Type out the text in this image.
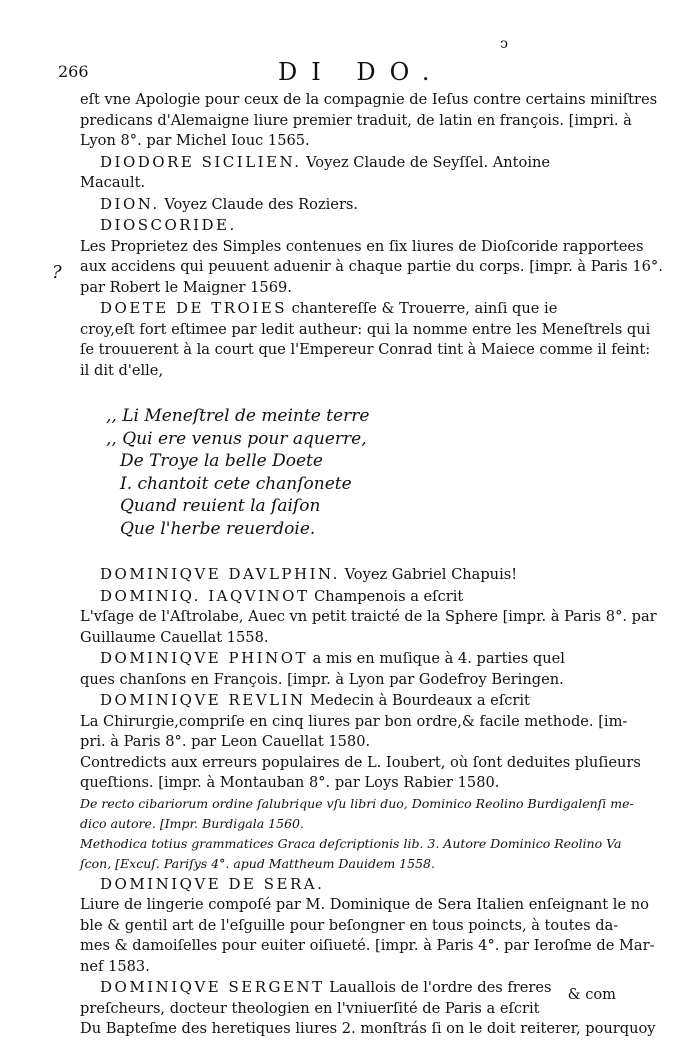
ↄ
266	DI DO.
?
eſt vne Apologie pour ceux de la compagnie de Ieſus contre certains miniſtres
predicans d'Alemaigne liure premier traduit, de latin en françois. [impri. à
Lyon 8°. par Michel Iouc 1565.
DIODORE SICILIEN. Voyez Claude de Seyſſel. Antoine
Macault.
DION. Voyez Claude des Roziers.
DIOSCORIDE.
Les Proprietez des Simples contenues en ſix liures de Dioſcoride rapportees
aux accidens qui peuuent aduenir à chaque partie du corps. [impr. à Paris 16°.
par Robert le Maigner 1569.
DOETE DE TROIES chantereſſe & Trouerre, ainſi que ie
croy,eſt fort eſtimee par ledit autheur: qui la nomme entre les Meneſtrels qui
ſe trouuerent à la court que l'Empereur Conrad tint à Maiece comme il feint:
il dit d'elle,
,, Li Meneſtrel de meinte terre
,, Qui ere venus pour aquerre,
De Troye la belle Doete
I. chantoit cete chanſonete
Quand reuient la ſaiſon
Que l'herbe reuerdoie.
DOMINIQVE DAVLPHIN. Voyez Gabriel Chapuis!
DOMINIQ. IAQVINOT Champenois a eſcrit
L'vſage de l'Aſtrolabe, Auec vn petit traicté de la Sphere [impr. à Paris 8°. par
Guillaume Cauellat 1558.
DOMINIQVE PHINOT a mis en muſique à 4. parties quel
ques chanſons en François. [impr. à Lyon par Godefroy Beringen.
DOMINIQVE REVLIN Medecin à Bourdeaux a eſcrit
La Chirurgie,compriſe en cinq liures par bon ordre,& facile methode. [im-
pri. à Paris 8°. par Leon Cauellat 1580.
Contredicts aux erreurs populaires de L. Ioubert, où ſont deduites pluſieurs
queſtions. [impr. à Montauban 8°. par Loys Rabier 1580.
De recto cibariorum ordine ſalubrique vſu libri duo, Dominico Reolino Burdigalenſi me-
dico autore. [Impr. Burdigala 1560.
Methodica totius grammatices Graca deſcriptionis lib. 3. Autore Dominico Reolino Va
ſcon, [Excuſ. Pariſys 4°. apud Mattheum Dauidem 1558.
DOMINIQVE DE SERA.
Liure de lingerie compoſé par M. Dominique de Sera Italien enſeignant le no
ble & gentil art de l'eſguille pour beſongner en tous poincts, à toutes da-
mes & damoiſelles pour euiter oiſiueté. [impr. à Paris 4°. par Ieroſme de Mar-
nef 1583.
DOMINIQVE SERGENT Lauallois de l'ordre des freres
preſcheurs, docteur theologien en l'vniuerſité de Paris a eſcrit
Du Bapteſme des heretiques liures 2. monſtrás ſi on le doit reiterer, pourquoy
& com
